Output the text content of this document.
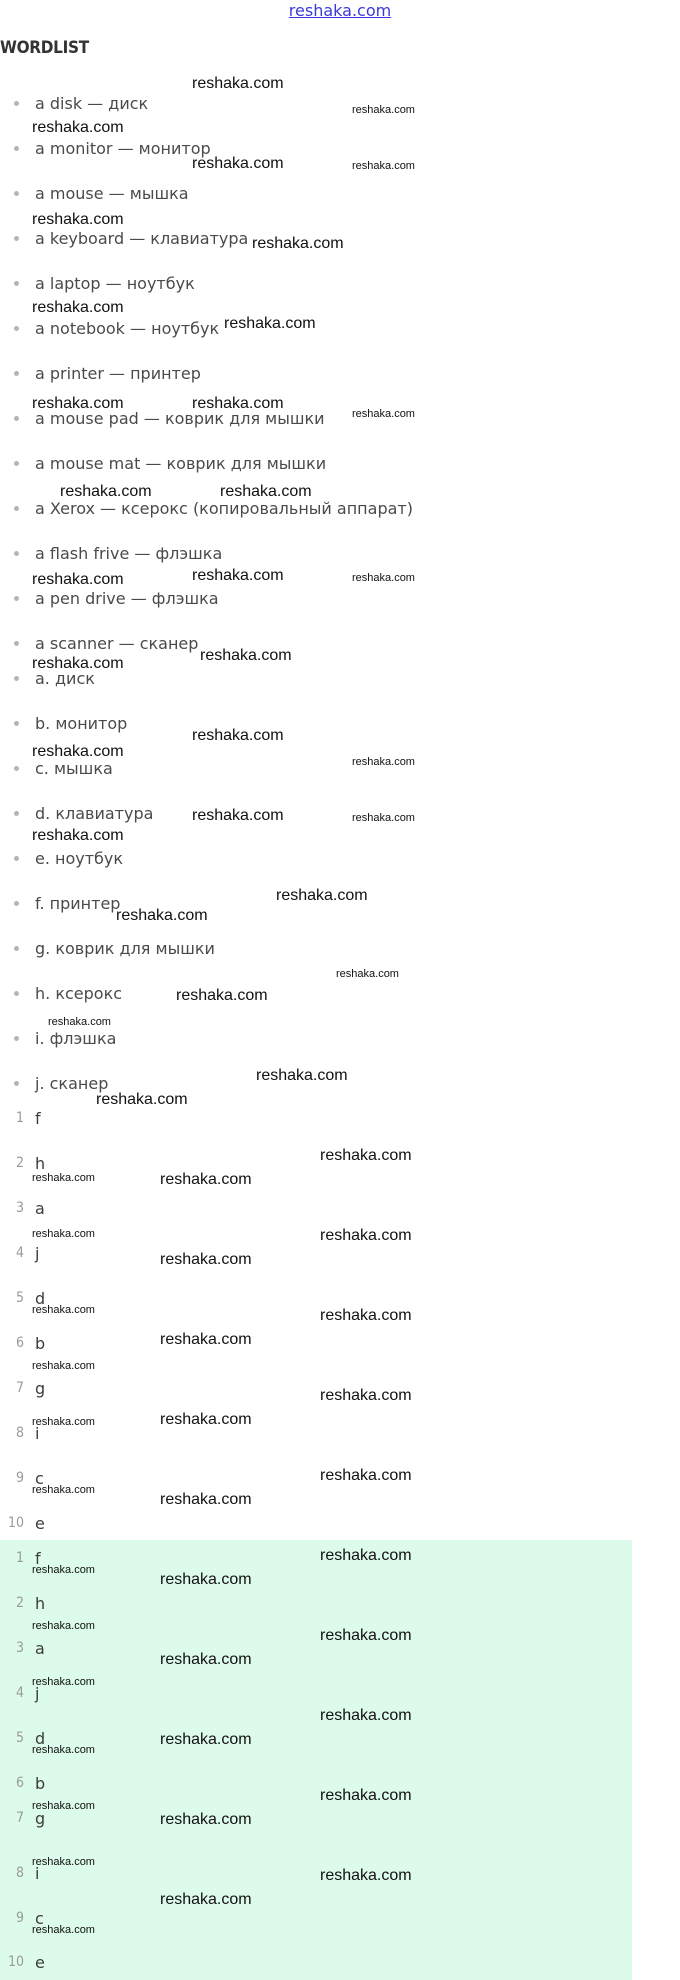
reshaka.com
WORDLIST
a disk — диск
a monitor — монитор
a mouse — мышка
a keyboard — клавиатура
a laptop — ноутбук
a notebook — ноутбук
a printer — принтер
a mouse pad — коврик для мышки
a mouse mat — коврик для мышки
a Xerox — ксерокс (копировальный аппарат)
a flash frive — флэшка
a pen drive — флэшка
a scanner — сканер
a. диск
b. монитор
c. мышка
d. клавиатура
e. ноутбук
f. принтер
g. коврик для мышки
h. ксерокс
i. флэшка
j. сканер
1 f
2 h
3 a
4 j
5 d
6 b
7 g
8 i
9 c
10 e
1 f
2 h
3 a
4 j
5 d
6 b
7 g
8 i
9 c
10 e
reshaka.com
reshaka.com
reshaka.com
reshaka.com	reshaka.com
reshaka.com
reshaka.com
reshaka.com
reshaka.com
reshaka.com	reshaka.com
reshaka.com
reshaka.com	reshaka.com
reshaka.com
reshaka.com	reshaka.com
reshaka.com
reshaka.com
reshaka.com
reshaka.com
reshaka.com
reshaka.com	reshaka.com
reshaka.com
reshaka.com
reshaka.com
reshaka.com
reshaka.com
reshaka.com
reshaka.com
reshaka.com
reshaka.com
reshaka.com	reshaka.com
reshaka.com
reshaka.com
reshaka.com
reshaka.com	reshaka.com
reshaka.com
reshaka.com
reshaka.com
reshaka.com	reshaka.com
reshaka.com
reshaka.com
reshaka.com
reshaka.com
reshaka.com
reshaka.com
reshaka.com
reshaka.com
reshaka.com
reshaka.com
reshaka.com
reshaka.com
reshaka.com
reshaka.com
reshaka.com
reshaka.com
reshaka.com
reshaka.com
reshaka.com
reshaka.com
